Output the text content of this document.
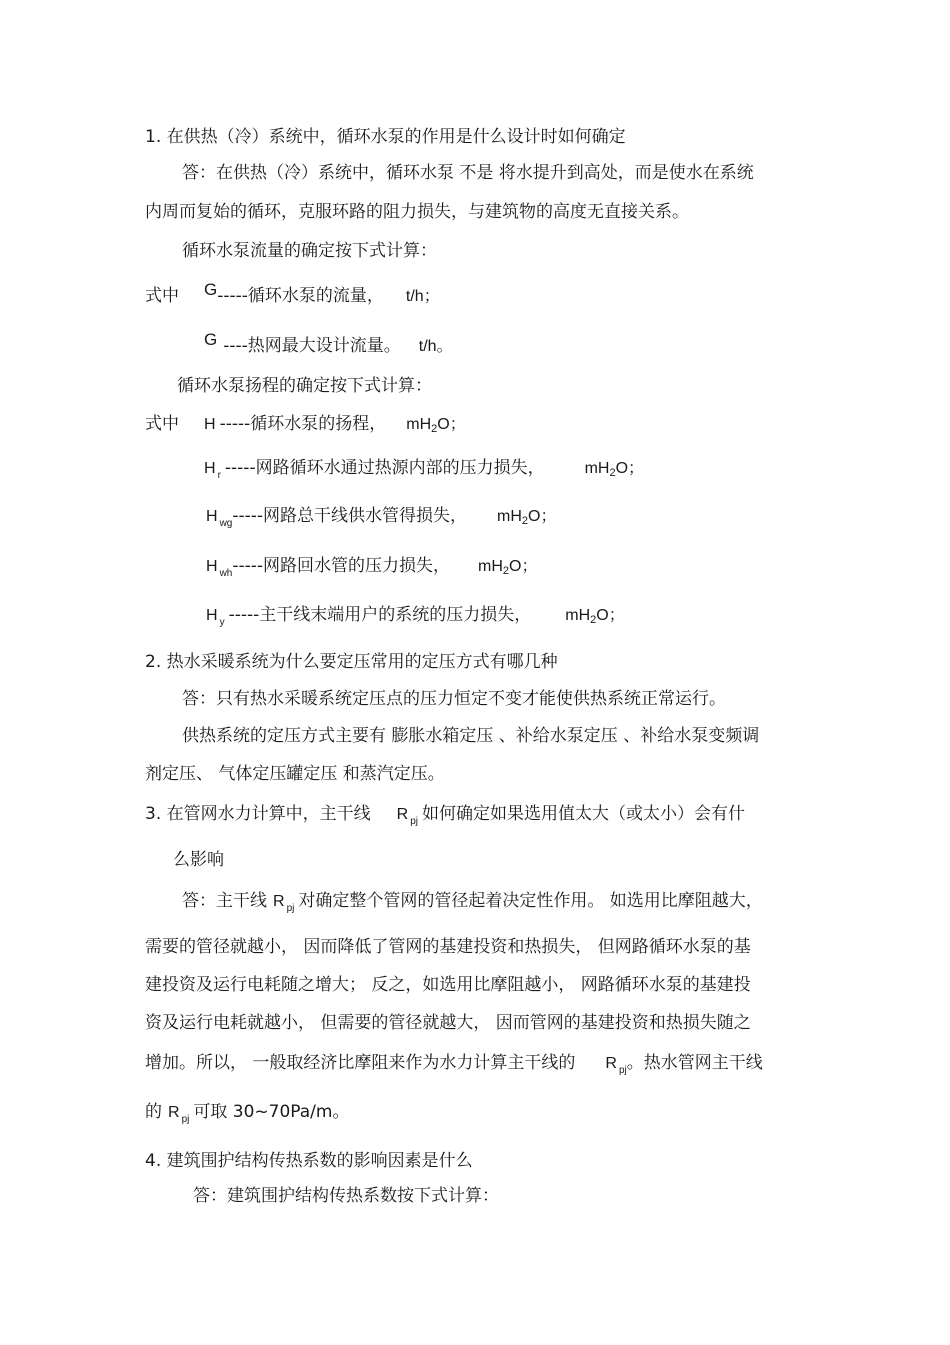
1. 在供热（冷）系统中，循环水泵的作用是什么设计时如何确定
答：在供热（冷）系统中，循环水泵 不是 将水提升到高处，而是使水在系统
内周而复始的循环，克服环路的阻力损失，与建筑物的高度无直接关系。
循环水泵流量的确定按下式计算：
式中 G-----循环水泵的流量， t/h；
G ----热网最大设计流量。 t/h。
循环水泵扬程的确定按下式计算：
式中 H -----循环水泵的扬程， $mH_2O$；
H $_r$ -----网路循环水通过热源内部的压力损失，	$mH_2O$；
H $_{wg}$-----网路总干线供水管得损失， $mH_2O$；
H $_{wh}$-----网路回水管的压力损失， $mH_2O$；
H $_y$ -----主干线末端用户的系统的压力损失， $mH_2O$；
2. 热水采暖系统为什么要定压常用的定压方式有哪几种
答：只有热水采暖系统定压点的压力恒定不变才能使供热系统正常运行。
供热系统的定压方式主要有 膨胀水箱定压 、补给水泵定压 、补给水泵变频调
剂定压、 气体定压罐定压 和蒸汽定压。
3. 在管网水力计算中，主干线 R $_{pj}$ 如何确定如果选用值太大（或太小）会有什
么影响
答：主干线 R $_{pj}$ 对确定整个管网的管径起着决定性作用。 如选用比摩阻越大，
需要的管径就越小， 因而降低了管网的基建投资和热损失， 但网路循环水泵的基
建投资及运行电耗随之增大； 反之，如选用比摩阻越小， 网路循环水泵的基建投
资及运行电耗就越小， 但需要的管径就越大， 因而管网的基建投资和热损失随之
增加。所以， 一般取经济比摩阻来作为水力计算主干线的 R $_{pj}$。热水管网主干线
的 R $_{pj}$ 可取 30~70Pa/m。
4. 建筑围护结构传热系数的影响因素是什么
答：建筑围护结构传热系数按下式计算：
